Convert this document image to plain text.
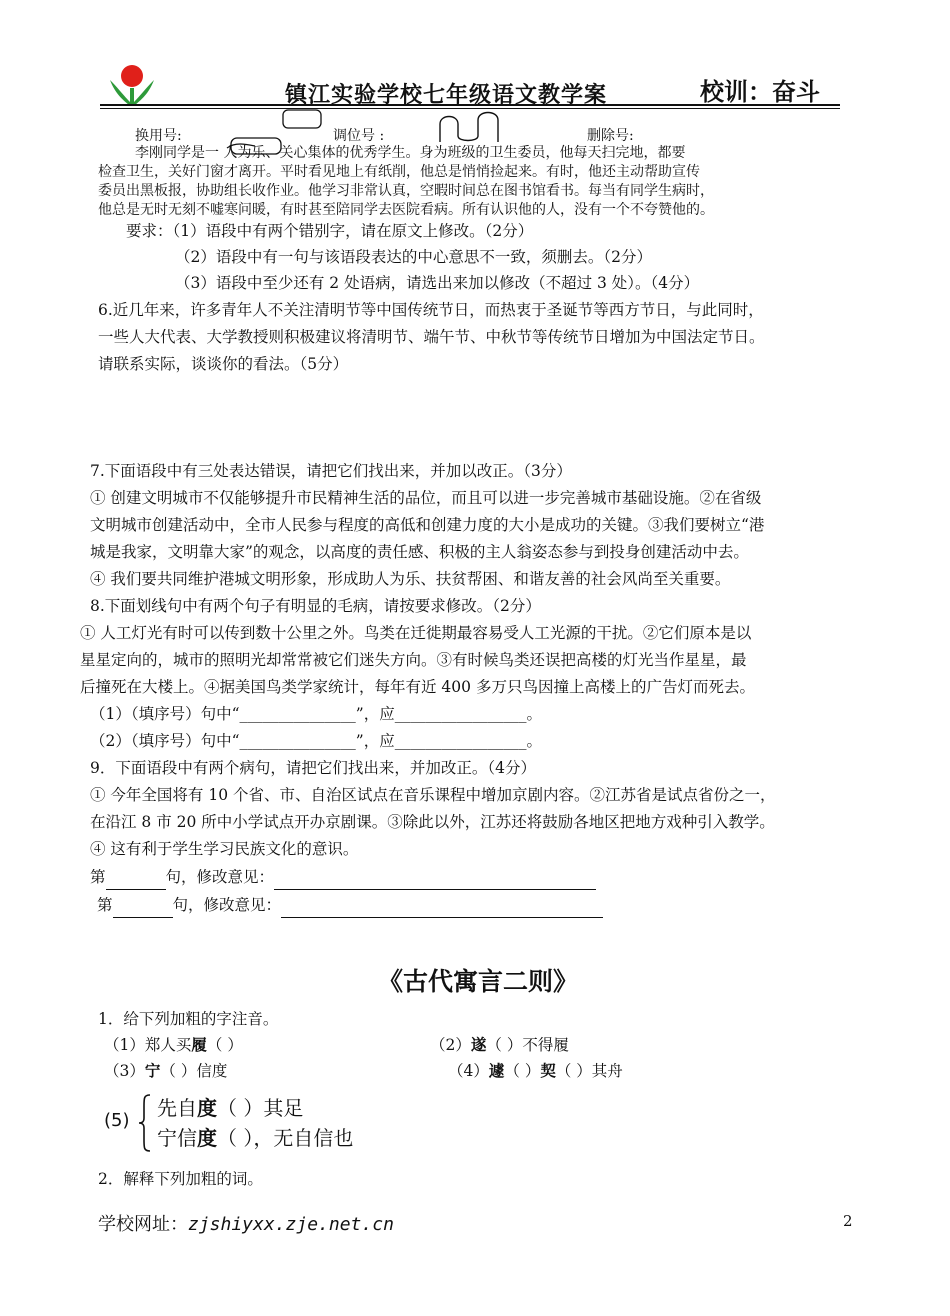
镇江实验学校七年级语文教学案	校训：奋斗
换用号:	调位号 :	删除号:
李刚同学是一 人为乐、关心集体的优秀学生。身为班级的卫生委员，他每天扫完地，都要
检查卫生，关好门窗才离开。平时看见地上有纸削，他总是悄悄捡起来。有时，他还主动帮助宣传
委员出黑板报，协助组长收作业。他学习非常认真，空暇时间总在图书馆看书。每当有同学生病时，
他总是无时无刻不嘘寒问暖，有时甚至陪同学去医院看病。所有认识他的人，没有一个不夸赞他的。
要求：（1）语段中有两个错别字，请在原文上修改。（2分）
（2）语段中有一句与该语段表达的中心意思不一致，须删去。（2分）
（3）语段中至少还有 2 处语病，请选出来加以修改（不超过 3 处）。（4分）
6.近几年来，许多青年人不关注清明节等中国传统节日，而热衷于圣诞节等西方节日，与此同时，
一些人大代表、大学教授则积极建议将清明节、端午节、中秋节等传统节日增加为中国法定节日。
请联系实际，谈谈你的看法。（5分）
7.下面语段中有三处表达错误，请把它们找出来，并加以改正。（3分）
① 创建文明城市不仅能够提升市民精神生活的品位，而且可以进一步完善城市基础设施。②在省级
文明城市创建活动中，全市人民参与程度的高低和创建力度的大小是成功的关键。③我们要树立“港
城是我家，文明靠大家”的观念，以高度的责任感、积极的主人翁姿态参与到投身创建活动中去。
④ 我们要共同维护港城文明形象，形成助人为乐、扶贫帮困、和谐友善的社会风尚至关重要。
8.下面划线句中有两个句子有明显的毛病，请按要求修改。（2分）
① 人工灯光有时可以传到数十公里之外。鸟类在迁徙期最容易受人工光源的干扰。②它们原本是以
星星定向的，城市的照明光却常常被它们迷失方向。③有时候鸟类还误把高楼的灯光当作星星，最
后撞死在大楼上。④据美国鸟类学家统计，每年有近 400 多万只鸟因撞上高楼上的广告灯而死去。
（1）（填序号）句中“_______________”，应_________________。
（2）（填序号）句中“_______________”，应_________________。
9．下面语段中有两个病句，请把它们找出来，并加改正。（4分）
① 今年全国将有 10 个省、市、自治区试点在音乐课程中增加京剧内容。②江苏省是试点省份之一，
在沿江 8 市 20 所中小学试点开办京剧课。③除此以外，江苏还将鼓励各地区把地方戏种引入教学。
④ 这有利于学生学习民族文化的意识。
第	句，修改意见：
第	句，修改意见：
《古代寓言二则》
1．给下列加粗的字注音。
（1）郑人买履（ ）	（2）遂（ ）不得履
（3）宁（ ）信度	（4）遽（ ）契（ ）其舟
(5)
先自度（ ）其足
宁信度（ ），无自信也
2．解释下列加粗的词。
学校网址：zjshiyxx.zje.net.cn	2
